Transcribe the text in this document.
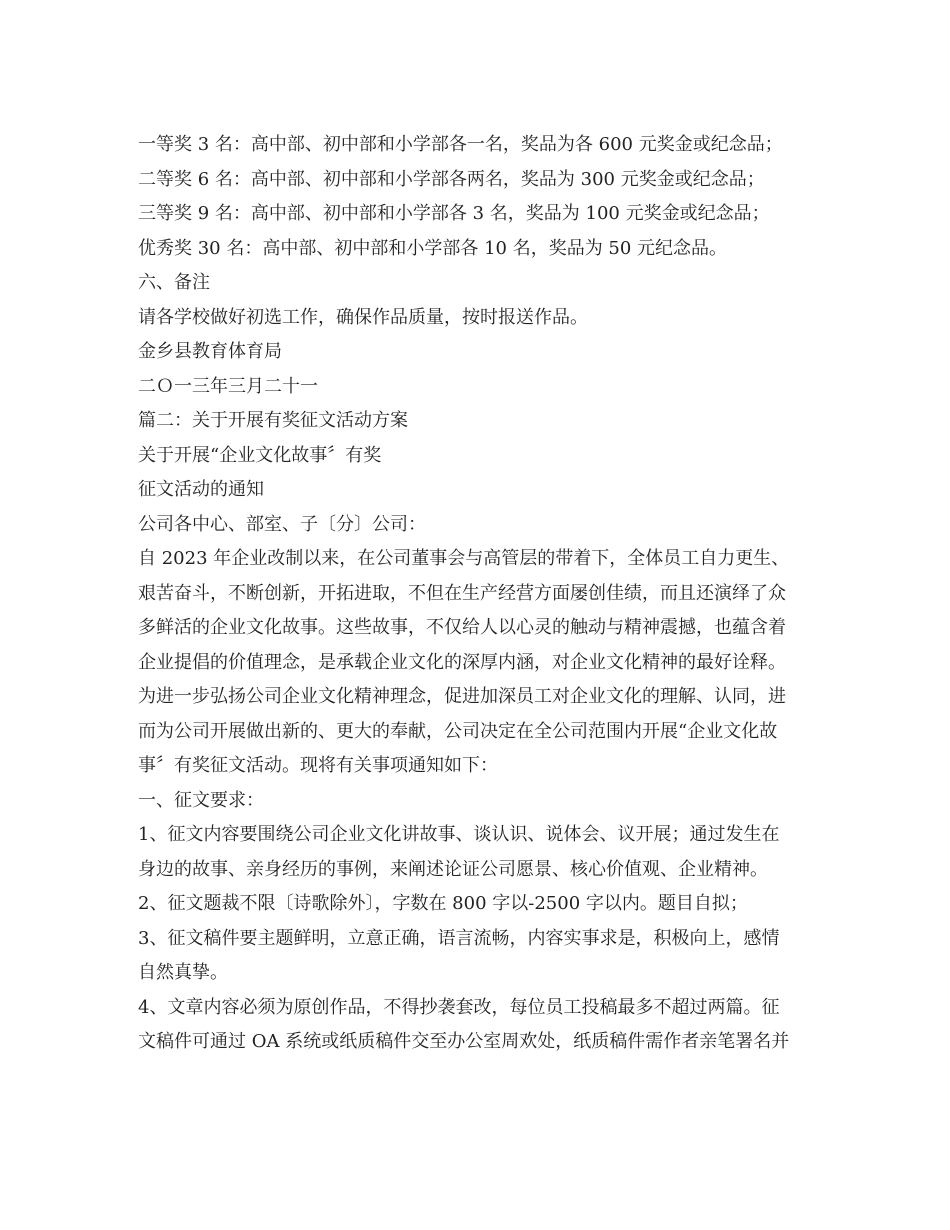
一等奖 3 名：高中部、初中部和小学部各一名，奖品为各 600 元奖金或纪念品；
二等奖 6 名：高中部、初中部和小学部各两名，奖品为 300 元奖金或纪念品；
三等奖 9 名：高中部、初中部和小学部各 3 名，奖品为 100 元奖金或纪念品；
优秀奖 30 名：高中部、初中部和小学部各 10 名，奖品为 50 元纪念品。
六、备注
请各学校做好初选工作，确保作品质量，按时报送作品。
金乡县教育体育局
二Ｏ一三年三月二十一
篇二：关于开展有奖征文活动方案
关于开展“企业文化故事〞有奖
征文活动的通知
公司各中心、部室、子〔分〕公司：
自 2023 年企业改制以来，在公司董事会与高管层的带着下，全体员工自力更生、
艰苦奋斗，不断创新，开拓进取，不但在生产经营方面屡创佳绩，而且还演绎了众
多鲜活的企业文化故事。这些故事，不仅给人以心灵的触动与精神震撼，也蕴含着
企业提倡的价值理念，是承载企业文化的深厚内涵，对企业文化精神的最好诠释。
为进一步弘扬公司企业文化精神理念，促进加深员工对企业文化的理解、认同，进
而为公司开展做出新的、更大的奉献，公司决定在全公司范围内开展“企业文化故
事〞有奖征文活动。现将有关事项通知如下：
一、征文要求：
1、征文内容要围绕公司企业文化讲故事、谈认识、说体会、议开展；通过发生在
身边的故事、亲身经历的事例，来阐述论证公司愿景、核心价值观、企业精神。
2、征文题裁不限〔诗歌除外〕，字数在 800 字以-2500 字以内。题目自拟；
3、征文稿件要主题鲜明，立意正确，语言流畅，内容实事求是，积极向上，感情
自然真挚。
4、文章内容必须为原创作品，不得抄袭套改，每位员工投稿最多不超过两篇。征
文稿件可通过 OA 系统或纸质稿件交至办公室周欢处，纸质稿件需作者亲笔署名并
